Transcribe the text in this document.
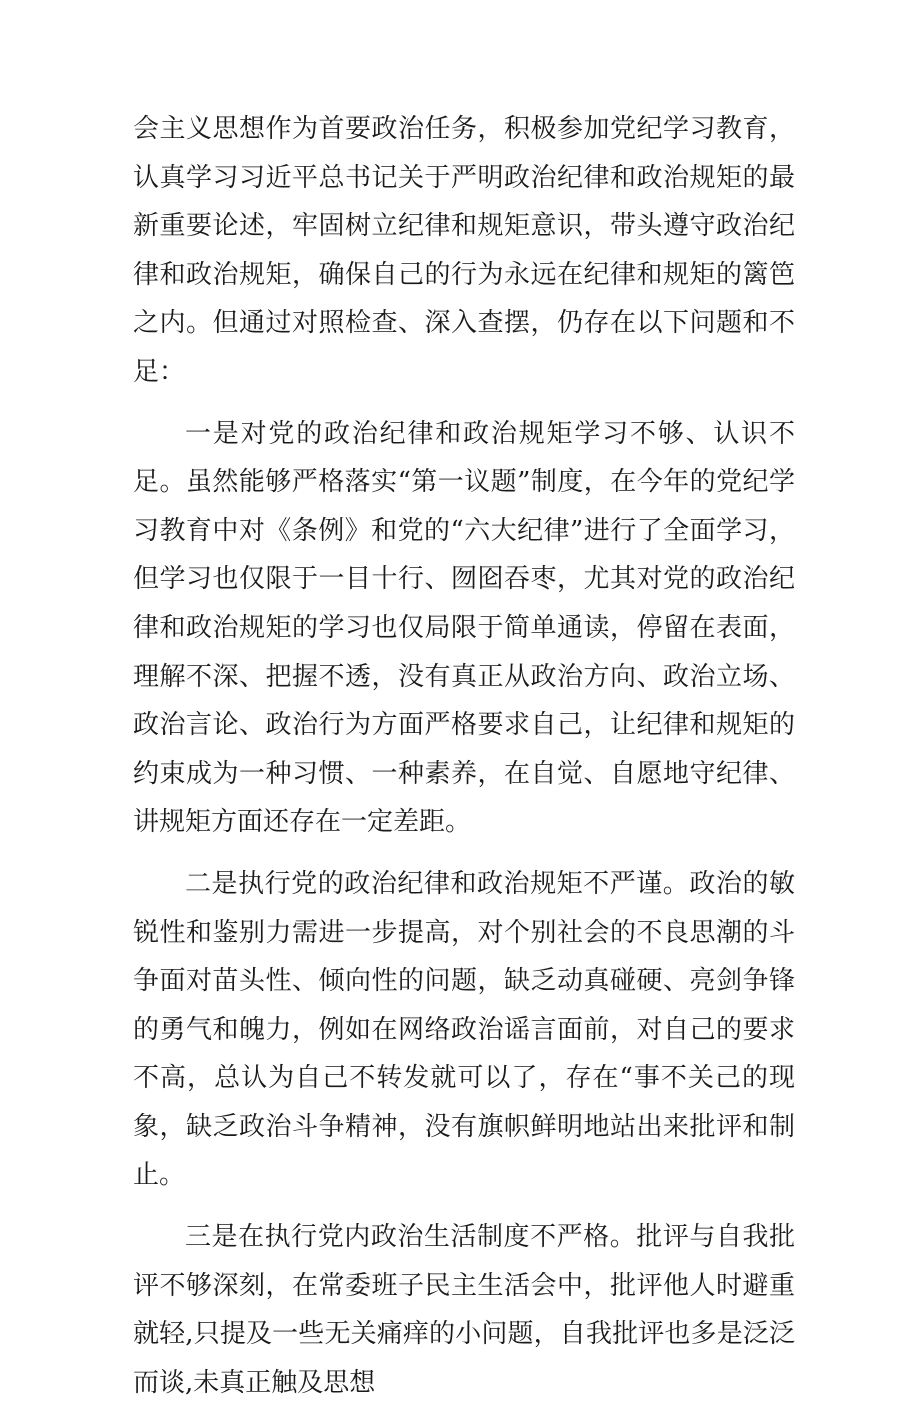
会主义思想作为首要政治任务，积极参加党纪学习教育，认真学习习近平总书记关于严明政治纪律和政治规矩的最新重要论述，牢固树立纪律和规矩意识，带头遵守政治纪律和政治规矩，确保自己的行为永远在纪律和规矩的篱笆之内。但通过对照检查、深入查摆，仍存在以下问题和不足：

一是对党的政治纪律和政治规矩学习不够、认识不足。虽然能够严格落实“第一议题”制度，在今年的党纪学习教育中对《条例》和党的“六大纪律”进行了全面学习，但学习也仅限于一目十行、囫囵吞枣，尤其对党的政治纪律和政治规矩的学习也仅局限于简单通读，停留在表面，理解不深、把握不透，没有真正从政治方向、政治立场、政治言论、政治行为方面严格要求自己，让纪律和规矩的约束成为一种习惯、一种素养，在自觉、自愿地守纪律、讲规矩方面还存在一定差距。

二是执行党的政治纪律和政治规矩不严谨。政治的敏锐性和鉴别力需进一步提高，对个别社会的不良思潮的斗争面对苗头性、倾向性的问题，缺乏动真碰硬、亮剑争锋的勇气和魄力，例如在网络政治谣言面前，对自己的要求不高，总认为自己不转发就可以了，存在“事不关己的现象，缺乏政治斗争精神，没有旗帜鲜明地站出来批评和制止。

三是在执行党内政治生活制度不严格。批评与自我批评不够深刻，在常委班子民主生活会中，批评他人时避重就轻,只提及一些无关痛痒的小问题，自我批评也多是泛泛而谈,未真正触及思想
